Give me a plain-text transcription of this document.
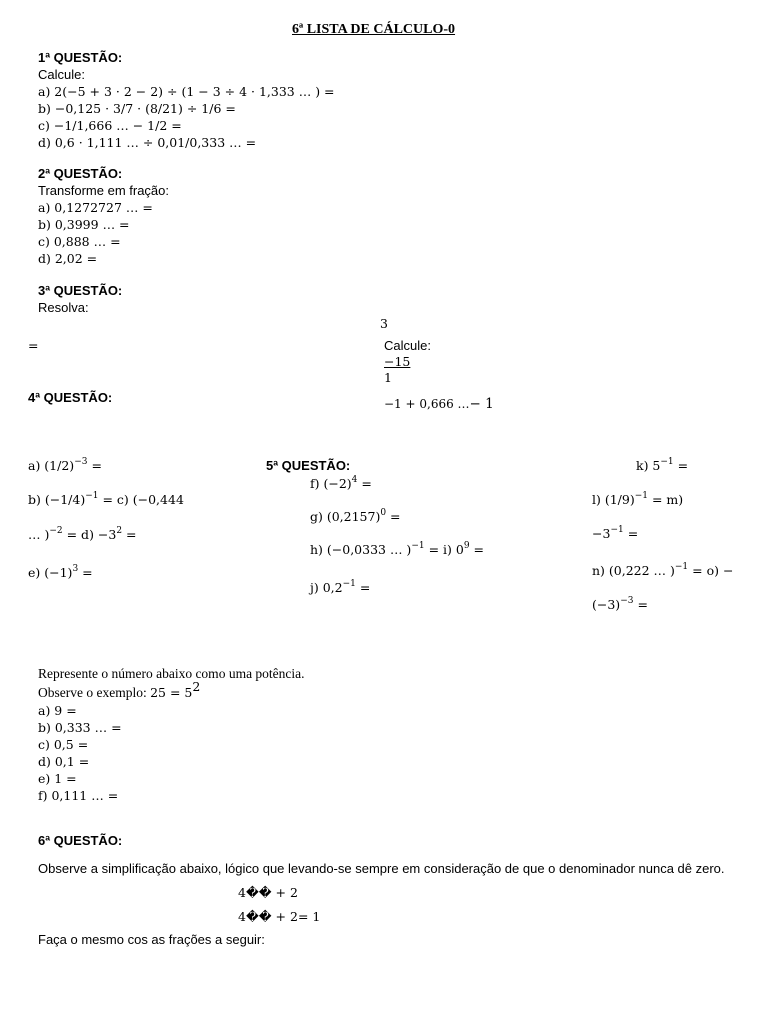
6ª LISTA DE CÁLCULO-0
1ª QUESTÃO:
Calcule:
a) 2(−5 + 3 · 2 − 2) ÷ (1 − 3 ÷ 4 · 1,333 … ) =
b) −0,125 · 3/7 · (8/21) ÷ 1/6 =
c) −1/1,666 … − 1/2 =
d) 0,6 · 1,111 … ÷ 0,01/0,333 … =
2ª QUESTÃO:
Transforme em fração:
a) 0,1272727 … =
b) 0,3999 … =
c) 0,888 … =
d) 2,02 =
3ª QUESTÃO:
Resolva:
3
=	Calcule:
−15
1
−1 + 0,666 …− 1
4ª QUESTÃO:
a) $(1/2)^{-3}$ =
b) $(-1/4)^{-1} = c$) (−0,444
… )$^{-2} = d) -3^2$ =
e) $(-1)^3$ =
5ª QUESTÃO:
f) $(-2)^4$ =
g) $(0,2157)^0$ =
h) (−0,0333 … )$^{-1}$ = i) $0^9$ =
j) $0,2^{-1}$ =
k) $5^{-1}$ =
l) $(1/9)^{-1} = m$)
$-3^{-1}$ =
n) (0,222 … )$^{-1}$ = o) −
$(-3)^{-3}$ =
Represente o número abaixo como uma potência.
Observe o exemplo: $25 = 5^2$
a) 9 =
b) 0,333 … =
c) 0,5 =
d) 0,1 =
e) 1 =
f) 0,111 … =
6ª QUESTÃO:
Observe a simplificação abaixo, lógico que levando-se sempre em consideração de que o denominador nunca dê zero.
4�� + 2
4�� + 2= 1
Faça o mesmo cos as frações a seguir:
